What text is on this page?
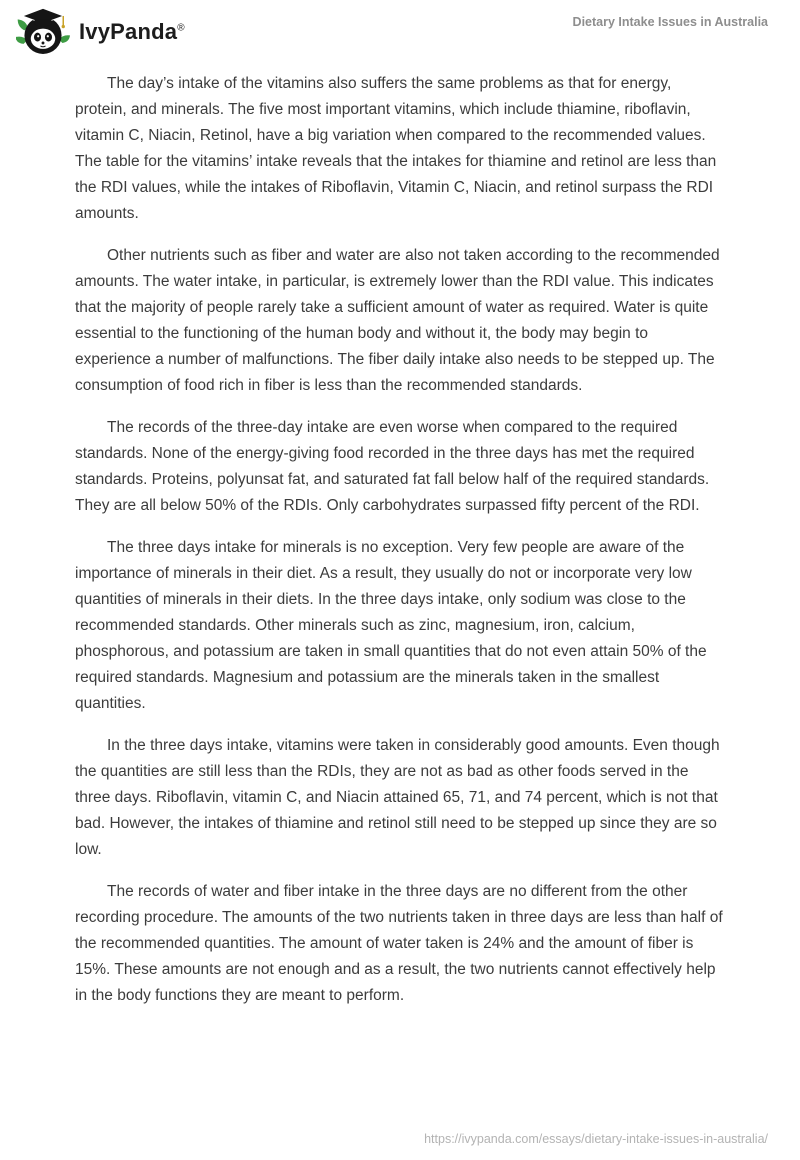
IvyPanda®	Dietary Intake Issues in Australia

The day’s intake of the vitamins also suffers the same problems as that for energy, protein, and minerals. The five most important vitamins, which include thiamine, riboflavin, vitamin C, Niacin, Retinol, have a big variation when compared to the recommended values. The table for the vitamins’ intake reveals that the intakes for thiamine and retinol are less than the RDI values, while the intakes of Riboflavin, Vitamin C, Niacin, and retinol surpass the RDI amounts.

Other nutrients such as fiber and water are also not taken according to the recommended amounts. The water intake, in particular, is extremely lower than the RDI value. This indicates that the majority of people rarely take a sufficient amount of water as required. Water is quite essential to the functioning of the human body and without it, the body may begin to experience a number of malfunctions. The fiber daily intake also needs to be stepped up. The consumption of food rich in fiber is less than the recommended standards.

The records of the three-day intake are even worse when compared to the required standards. None of the energy-giving food recorded in the three days has met the required standards. Proteins, polyunsat fat, and saturated fat fall below half of the required standards. They are all below 50% of the RDIs. Only carbohydrates surpassed fifty percent of the RDI.

The three days intake for minerals is no exception. Very few people are aware of the importance of minerals in their diet. As a result, they usually do not or incorporate very low quantities of minerals in their diets. In the three days intake, only sodium was close to the recommended standards. Other minerals such as zinc, magnesium, iron, calcium, phosphorous, and potassium are taken in small quantities that do not even attain 50% of the required standards. Magnesium and potassium are the minerals taken in the smallest quantities.

In the three days intake, vitamins were taken in considerably good amounts. Even though the quantities are still less than the RDIs, they are not as bad as other foods served in the three days. Riboflavin, vitamin C, and Niacin attained 65, 71, and 74 percent, which is not that bad. However, the intakes of thiamine and retinol still need to be stepped up since they are so low.

The records of water and fiber intake in the three days are no different from the other recording procedure. The amounts of the two nutrients taken in three days are less than half of the recommended quantities. The amount of water taken is 24% and the amount of fiber is 15%. These amounts are not enough and as a result, the two nutrients cannot effectively help in the body functions they are meant to perform.

https://ivypanda.com/essays/dietary-intake-issues-in-australia/
